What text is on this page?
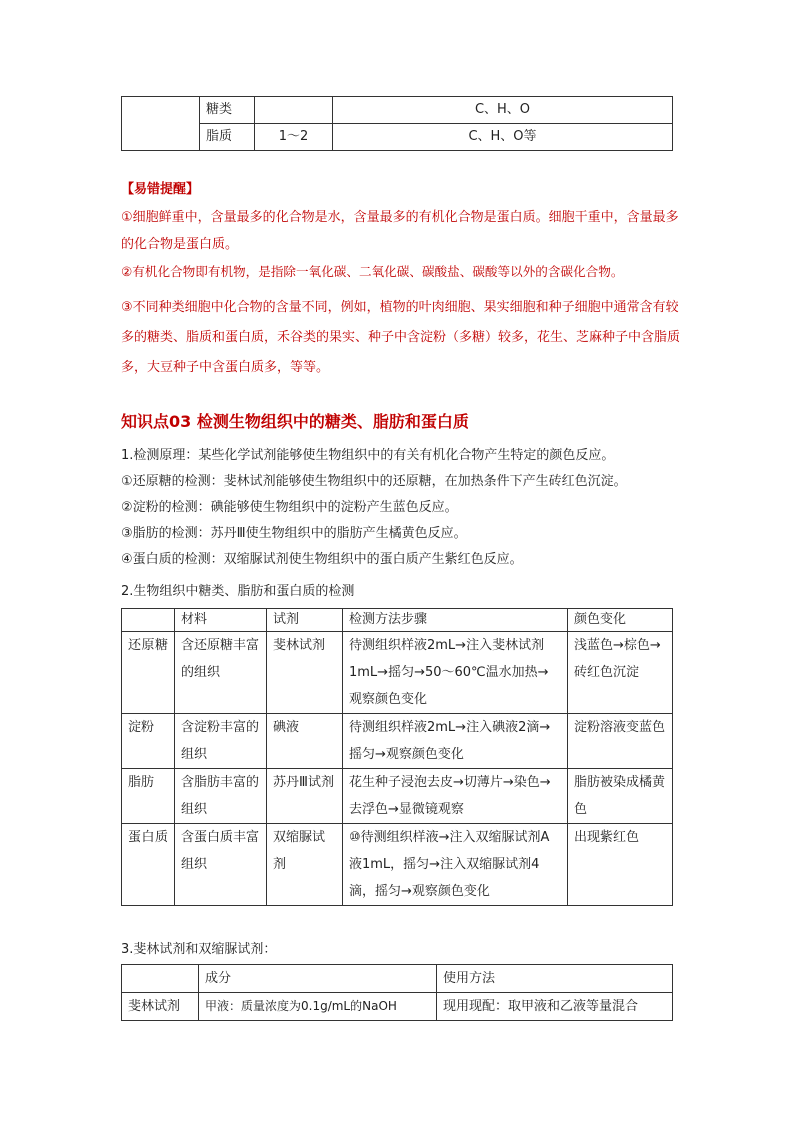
	糖类		C、H、O
	脂质	1～2	C、H、O等
【易错提醒】
①细胞鲜重中，含量最多的化合物是水，含量最多的有机化合物是蛋白质。细胞干重中，含量最多的化合物是蛋白质。
②有机化合物即有机物，是指除一氧化碳、二氧化碳、碳酸盐、碳酸等以外的含碳化合物。
③不同种类细胞中化合物的含量不同，例如，植物的叶肉细胞、果实细胞和种子细胞中通常含有较多的糖类、脂质和蛋白质，禾谷类的果实、种子中含淀粉（多糖）较多，花生、芝麻种子中含脂质多，大豆种子中含蛋白质多，等等。
知识点03 检测生物组织中的糖类、脂肪和蛋白质
1.检测原理：某些化学试剂能够使生物组织中的有关有机化合物产生特定的颜色反应。
①还原糖的检测：斐林试剂能够使生物组织中的还原糖，在加热条件下产生砖红色沉淀。
②淀粉的检测：碘能够使生物组织中的淀粉产生蓝色反应。
③脂肪的检测：苏丹Ⅲ使生物组织中的脂肪产生橘黄色反应。
④蛋白质的检测：双缩脲试剂使生物组织中的蛋白质产生紫红色反应。
2.生物组织中糖类、脂肪和蛋白质的检测
	材料	试剂	检测方法步骤	颜色变化
还原糖	含还原糖丰富的组织	斐林试剂	待测组织样液2mL→注入斐林试剂1mL→摇匀→50～60℃温水加热→观察颜色变化	浅蓝色→棕色→砖红色沉淀
淀粉	含淀粉丰富的组织	碘液	待测组织样液2mL→注入碘液2滴→摇匀→观察颜色变化	淀粉溶液变蓝色
脂肪	含脂肪丰富的组织	苏丹Ⅲ试剂	花生种子浸泡去皮→切薄片→染色→去浮色→显微镜观察	脂肪被染成橘黄色
蛋白质	含蛋白质丰富组织	双缩脲试剂	⑩待测组织样液→注入双缩脲试剂A液1mL，摇匀→注入双缩脲试剂4滴，摇匀→观察颜色变化	出现紫红色
3.斐林试剂和双缩脲试剂：
	成分	使用方法
斐林试剂	甲液：质量浓度为0.1g/mL的NaOH	现用现配：取甲液和乙液等量混合
